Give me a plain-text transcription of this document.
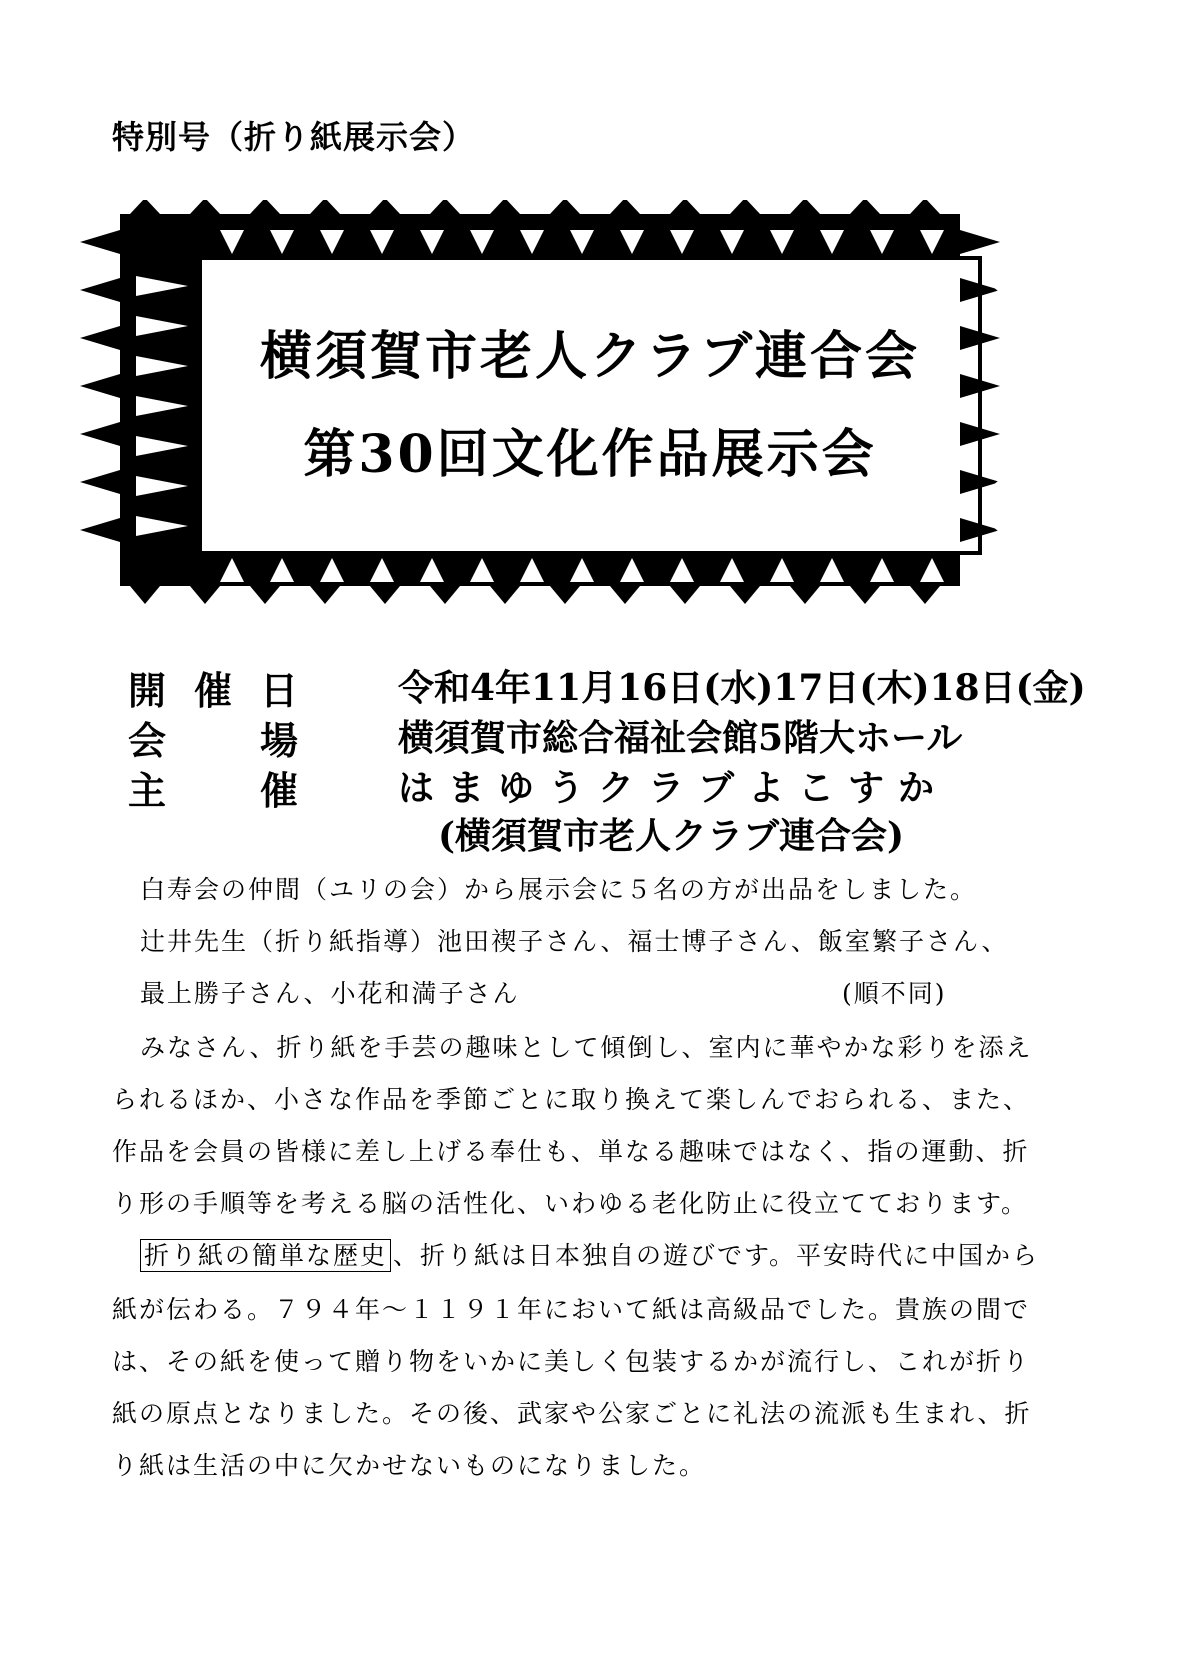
特別号（折り紙展示会）
横須賀市老人クラブ連合会
第30回文化作品展示会
開 催 日	令和4年11月16日(水)17日(木)18日(金)
会 場	横須賀市総合福祉会館5階大ホール
主 催	はまゆうクラブよこすか
(横須賀市老人クラブ連合会)
白寿会の仲間（ユリの会）から展示会に５名の方が出品をしました。
辻井先生（折り紙指導）池田禊子さん、福士博子さん、飯室繁子さん、
最上勝子さん、小花和満子さん	(順不同)
みなさん、折り紙を手芸の趣味として傾倒し、室内に華やかな彩りを添え
られるほか、小さな作品を季節ごとに取り換えて楽しんでおられる、また、
作品を会員の皆様に差し上げる奉仕も、単なる趣味ではなく、指の運動、折
り形の手順等を考える脳の活性化、いわゆる老化防止に役立てております。
折り紙の簡単な歴史 、折り紙は日本独自の遊びです。平安時代に中国から
紙が伝わる。７９４年～１１９１年において紙は高級品でした。貴族の間で
は、その紙を使って贈り物をいかに美しく包装するかが流行し、これが折り
紙の原点となりました。その後、武家や公家ごとに礼法の流派も生まれ、折
り紙は生活の中に欠かせないものになりました。
